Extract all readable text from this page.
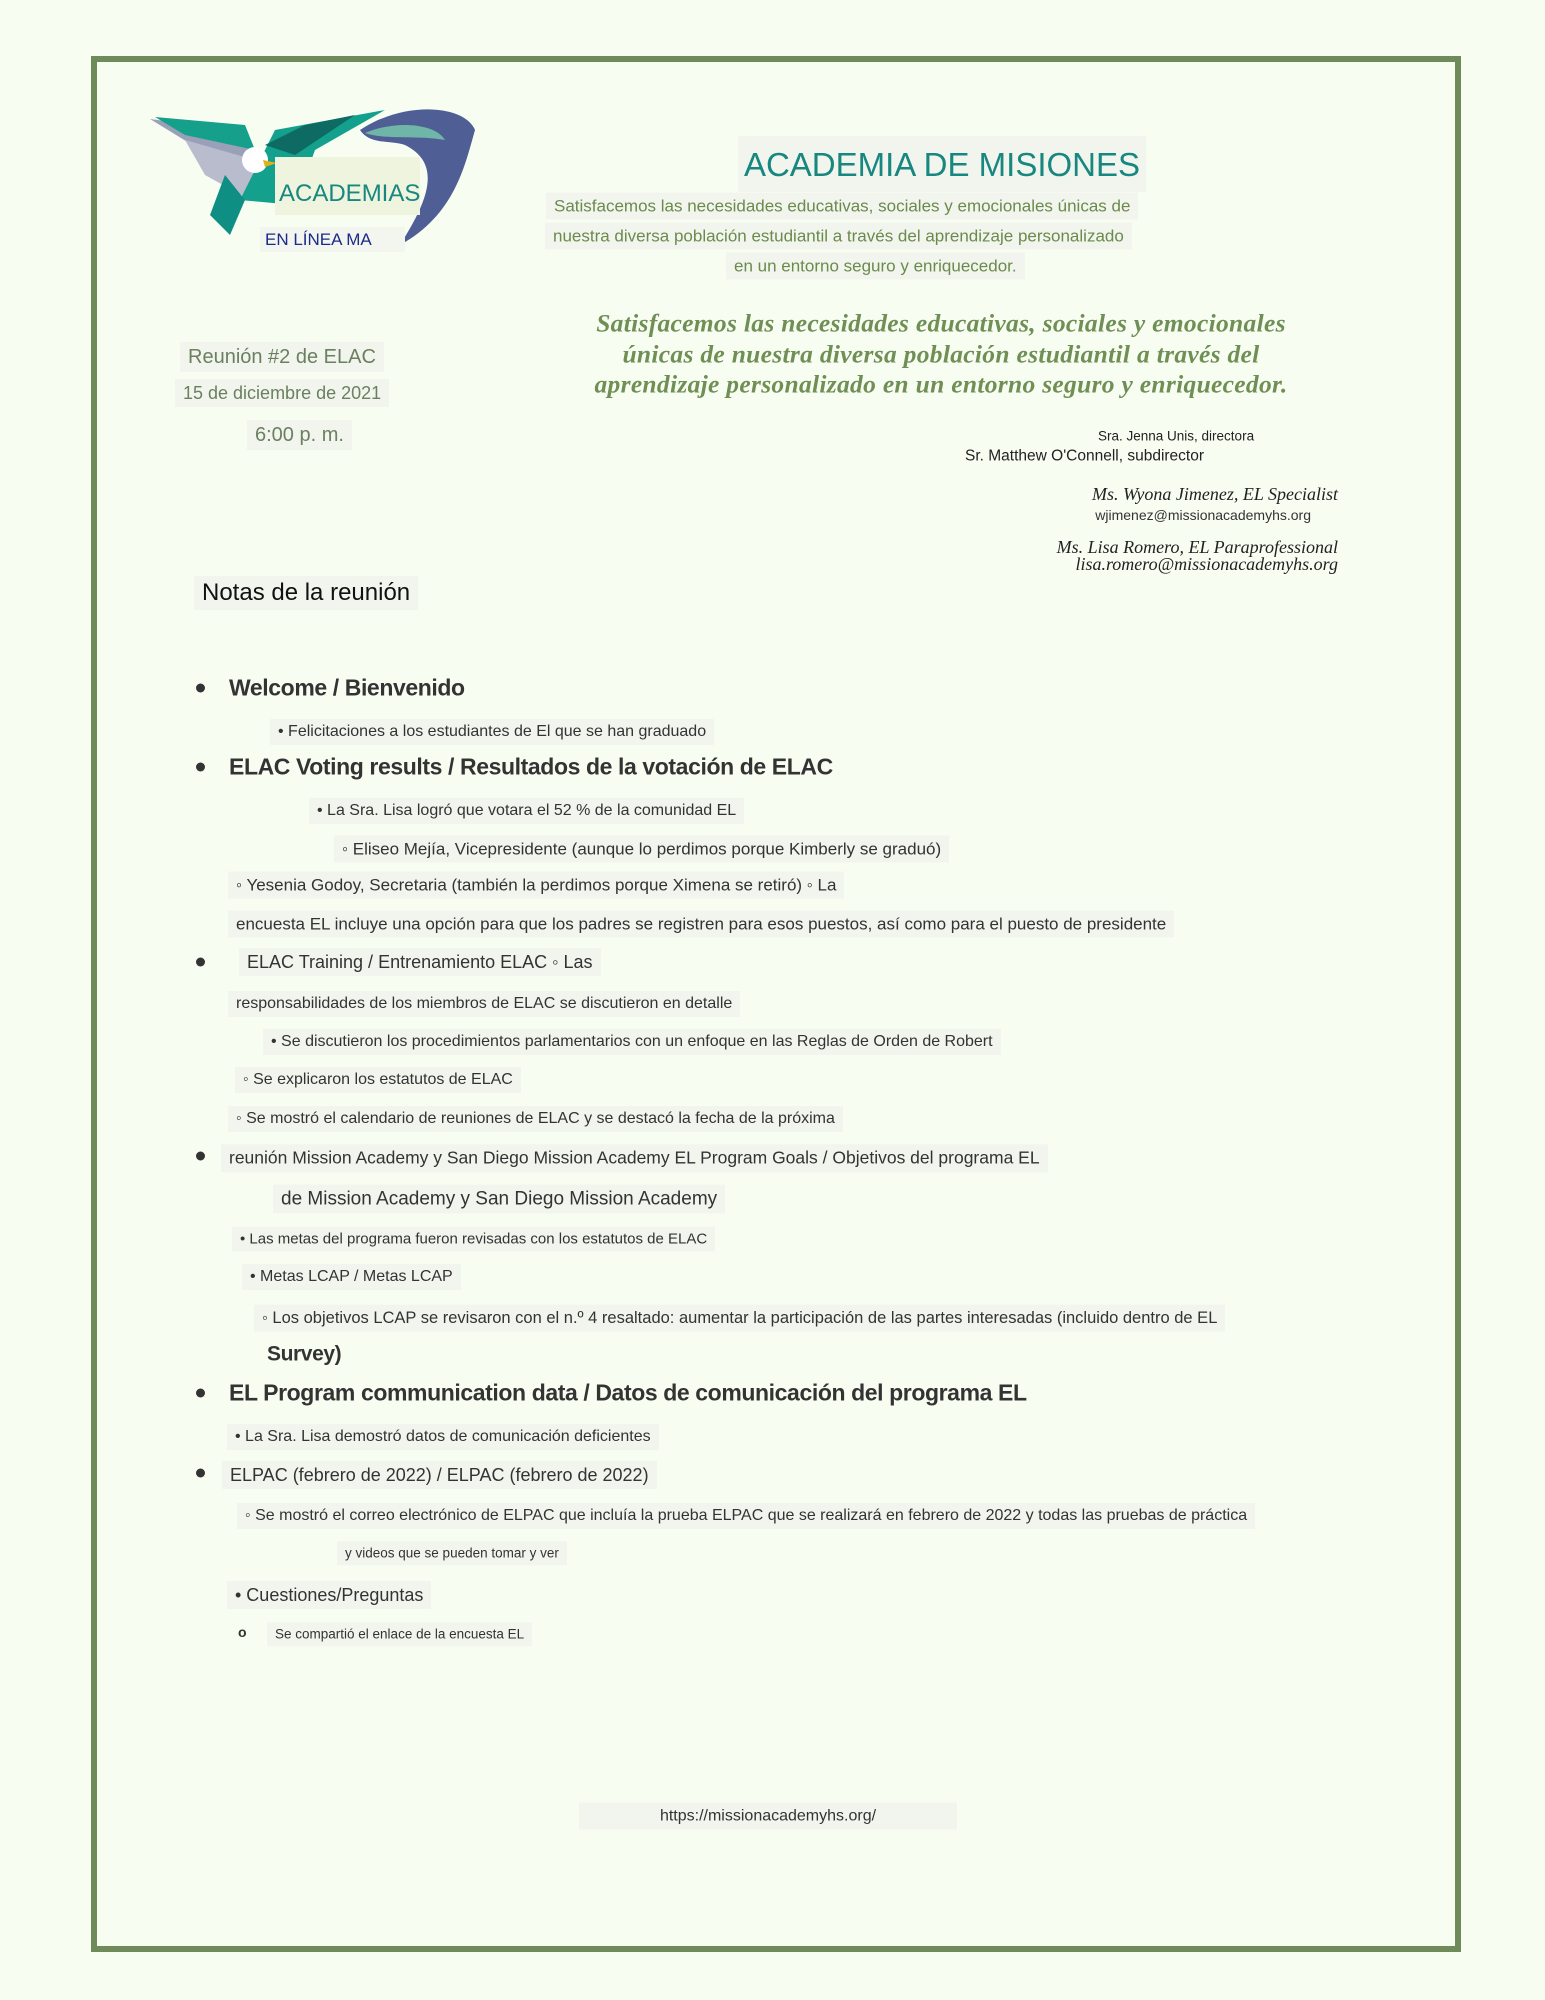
ACADEMIAS
EN LÍNEA MA
ACADEMIA DE MISIONES
Satisfacemos las necesidades educativas, sociales y emocionales únicas de
nuestra diversa población estudiantil a través del aprendizaje personalizado
en un entorno seguro y enriquecedor.
Satisfacemos las necesidades educativas, sociales y emocionales
únicas de nuestra diversa población estudiantil a través del
aprendizaje personalizado en un entorno seguro y enriquecedor.
Reunión #2 de ELAC
15 de diciembre de 2021
6:00 p. m.	Sra. Jenna Unis, directora
Sr. Matthew O'Connell, subdirector
Ms. Wyona Jimenez, EL Specialist
wjimenez@missionacademyhs.org
Ms. Lisa Romero, EL Paraprofessional
lisa.romero@missionacademyhs.org
Notas de la reunión
Welcome / Bienvenido
• Felicitaciones a los estudiantes de El que se han graduado
ELAC Voting results / Resultados de la votación de ELAC
• La Sra. Lisa logró que votara el 52 % de la comunidad EL
◦ Eliseo Mejía, Vicepresidente (aunque lo perdimos porque Kimberly se graduó)
◦ Yesenia Godoy, Secretaria (también la perdimos porque Ximena se retiró) ◦ La
encuesta EL incluye una opción para que los padres se registren para esos puestos, así como para el puesto de presidente
ELAC Training / Entrenamiento ELAC ◦ Las
responsabilidades de los miembros de ELAC se discutieron en detalle
• Se discutieron los procedimientos parlamentarios con un enfoque en las Reglas de Orden de Robert
◦ Se explicaron los estatutos de ELAC
◦ Se mostró el calendario de reuniones de ELAC y se destacó la fecha de la próxima
reunión Mission Academy y San Diego Mission Academy EL Program Goals / Objetivos del programa EL
de Mission Academy y San Diego Mission Academy
• Las metas del programa fueron revisadas con los estatutos de ELAC
• Metas LCAP / Metas LCAP
◦ Los objetivos LCAP se revisaron con el n.º 4 resaltado: aumentar la participación de las partes interesadas (incluido dentro de EL
Survey)
EL Program communication data / Datos de comunicación del programa EL
• La Sra. Lisa demostró datos de comunicación deficientes
ELPAC (febrero de 2022) / ELPAC (febrero de 2022)
◦ Se mostró el correo electrónico de ELPAC que incluía la prueba ELPAC que se realizará en febrero de 2022 y todas las pruebas de práctica
y videos que se pueden tomar y ver
• Cuestiones/Preguntas
o	Se compartió el enlace de la encuesta EL
https://missionacademyhs.org/
